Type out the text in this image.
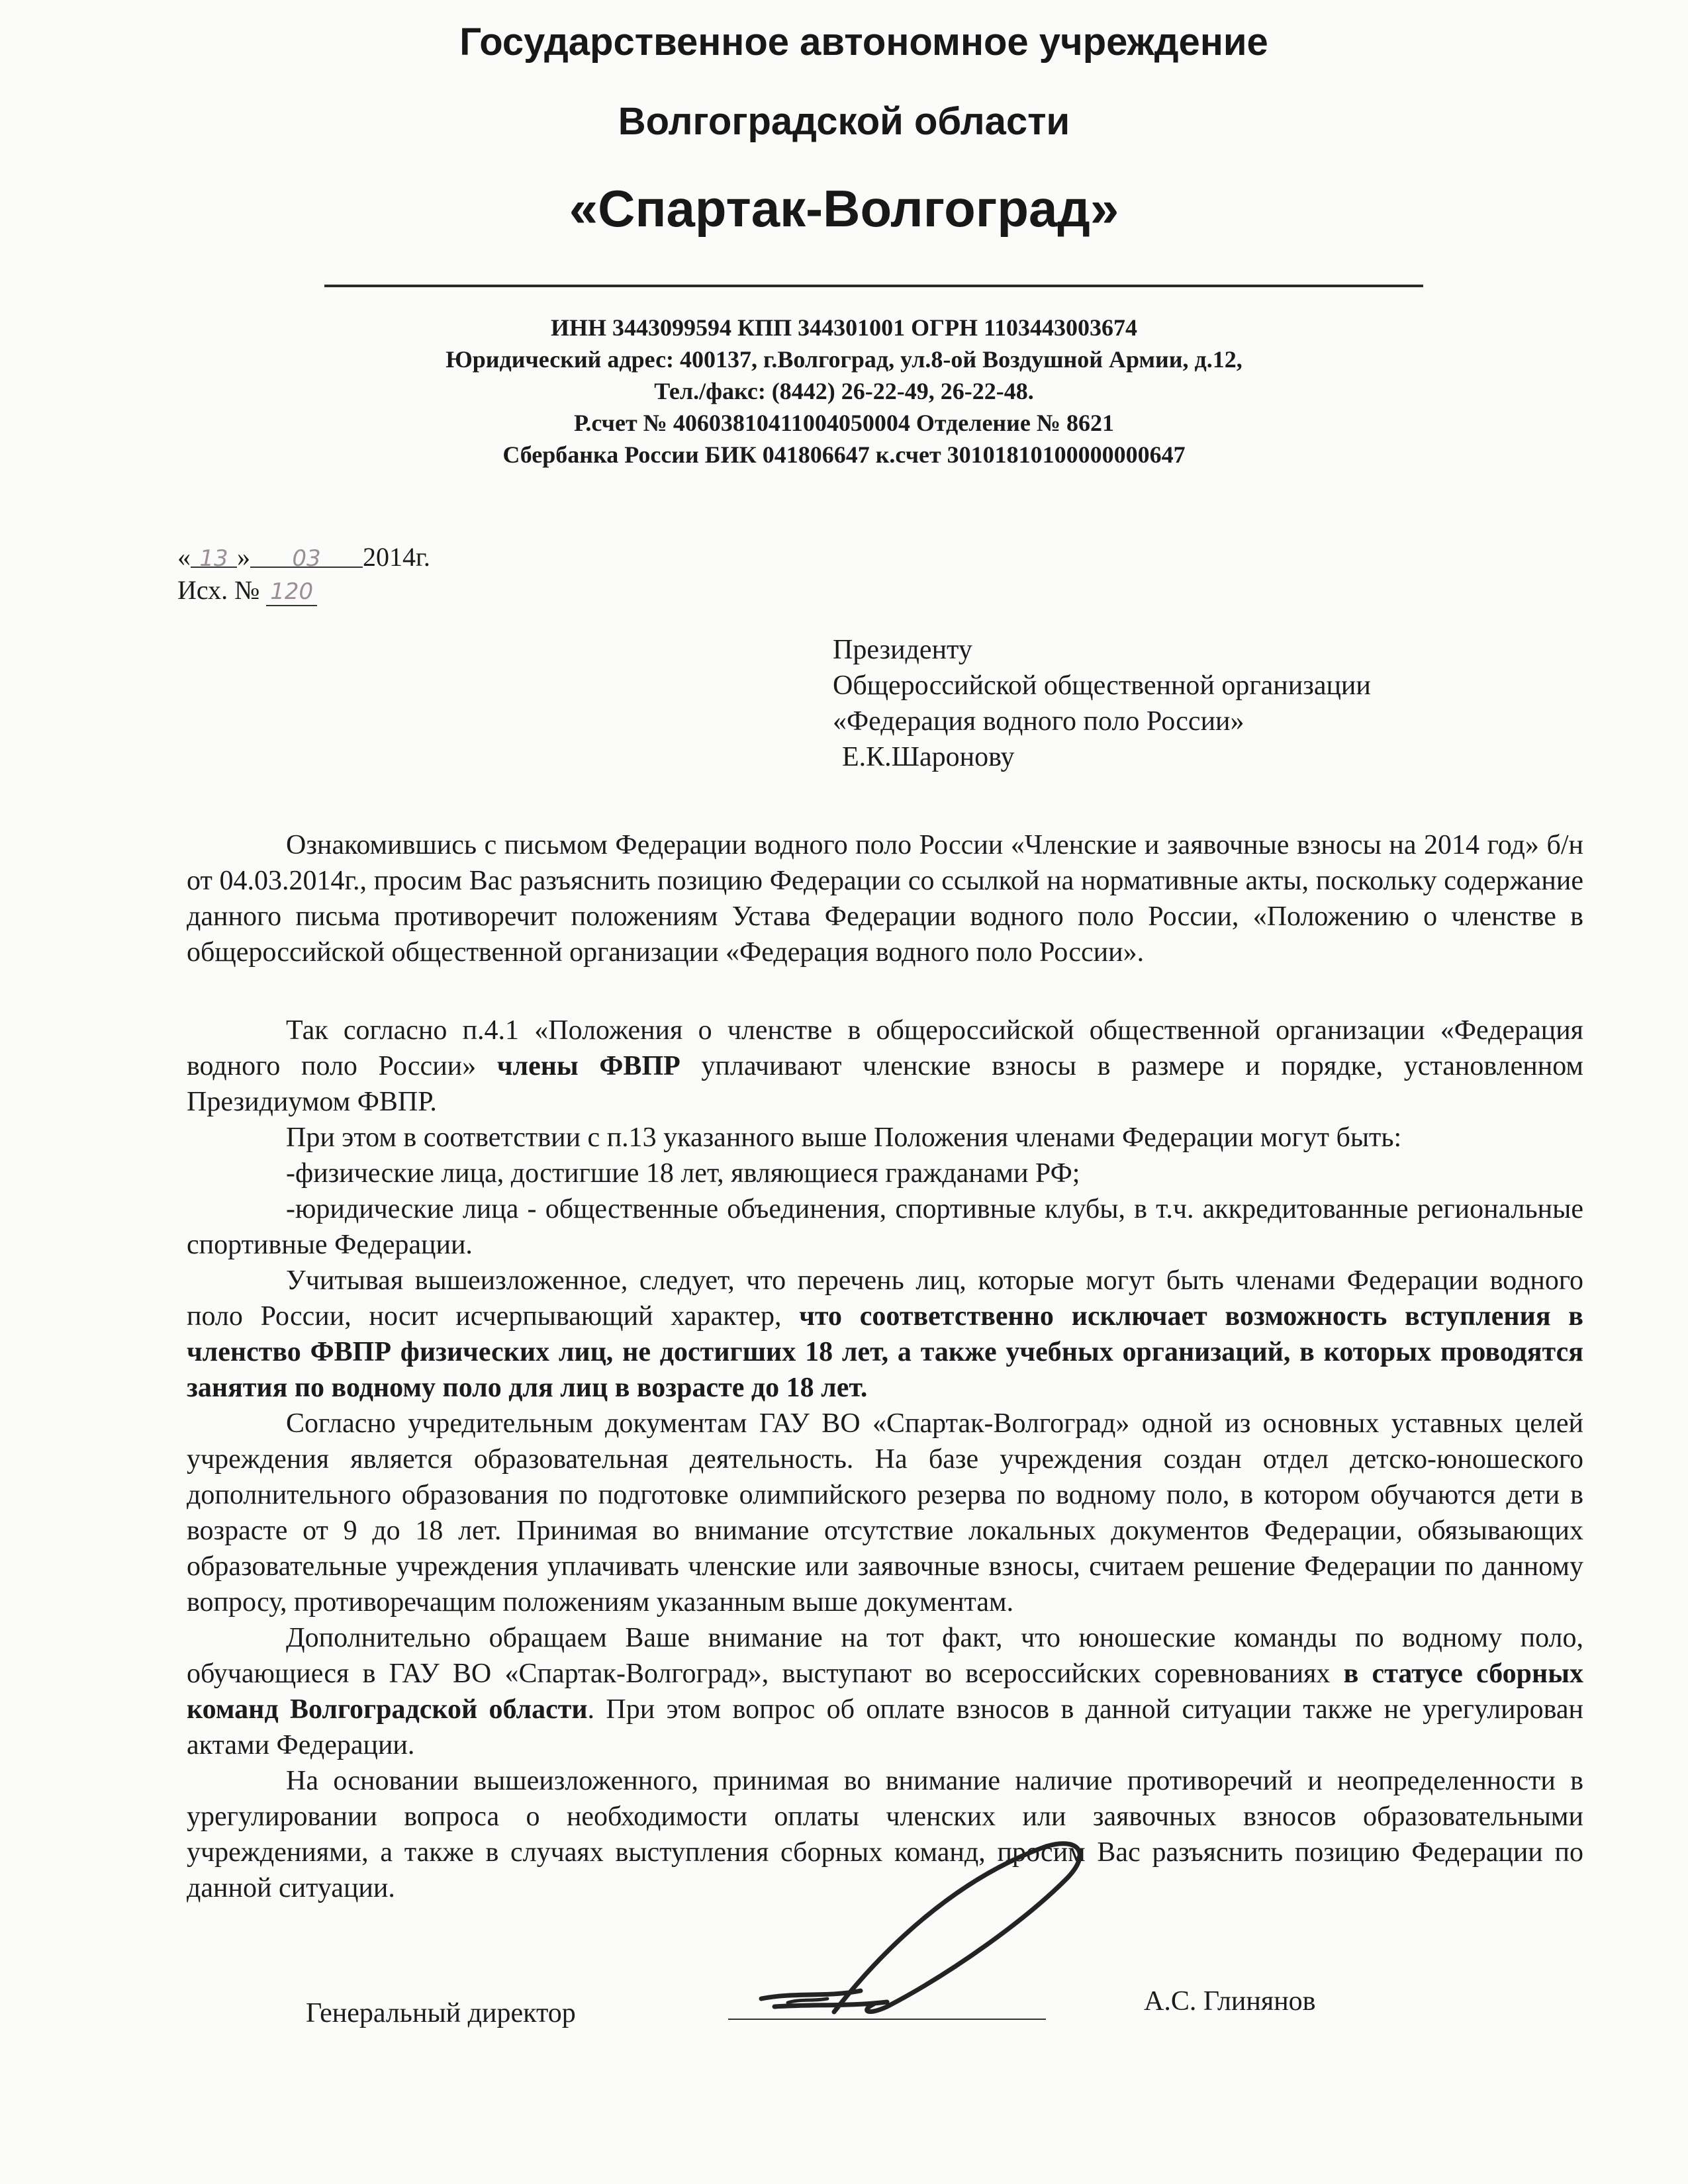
Государственное автономное учреждение
Волгоградской области
«Спартак-Волгоград»
ИНН 3443099594 КПП 344301001 ОГРН 1103443003674
Юридический адрес: 400137, г.Волгоград, ул.8-ой Воздушной Армии, д.12,
Тел./факс: (8442) 26-22-49, 26-22-48.
Р.счет № 40603810411004050004 Отделение № 8621
Сбербанка России БИК 041806647 к.счет 30101810100000000647
« 13 » 03 2014г.
Исх. № 120
Президенту
Общероссийской общественной организации
«Федерация водного поло России»
Е.К.Шаронову

Ознакомившись с письмом Федерации водного поло России «Членские и заявочные взносы на 2014 год» б/н от 04.03.2014г., просим Вас разъяснить позицию Федерации со ссылкой на нормативные акты, поскольку содержание данного письма противоречит положениям Устава Федерации водного поло России, «Положению о членстве в общероссийской общественной организации «Федерация водного поло России».

Так согласно п.4.1 «Положения о членстве в общероссийской общественной организации «Федерация водного поло России» члены ФВПР уплачивают членские взносы в размере и порядке, установленном Президиумом ФВПР.

При этом в соответствии с п.13 указанного выше Положения членами Федерации могут быть:

-физические лица, достигшие 18 лет, являющиеся гражданами РФ;

-юридические лица - общественные объединения, спортивные клубы, в т.ч. аккредитованные региональные спортивные Федерации.

Учитывая вышеизложенное, следует, что перечень лиц, которые могут быть членами Федерации водного поло России, носит исчерпывающий характер, что соответственно исключает возможность вступления в членство ФВПР физических лиц, не достигших 18 лет, а также учебных организаций, в которых проводятся занятия по водному поло для лиц в возрасте до 18 лет.

Согласно учредительным документам ГАУ ВО «Спартак-Волгоград» одной из основных уставных целей учреждения является образовательная деятельность. На базе учреждения создан отдел детско-юношеского дополнительного образования по подготовке олимпийского резерва по водному поло, в котором обучаются дети в возрасте от 9 до 18 лет. Принимая во внимание отсутствие локальных документов Федерации, обязывающих образовательные учреждения уплачивать членские или заявочные взносы, считаем решение Федерации по данному вопросу, противоречащим положениям указанным выше документам.

Дополнительно обращаем Ваше внимание на тот факт, что юношеские команды по водному поло, обучающиеся в ГАУ ВО «Спартак-Волгоград», выступают во всероссийских соревнованиях в статусе сборных команд Волгоградской области. При этом вопрос об оплате взносов в данной ситуации также не урегулирован актами Федерации.

На основании вышеизложенного, принимая во внимание наличие противоречий и неопределенности в урегулировании вопроса о необходимости оплаты членских или заявочных взносов образовательными учреждениями, а также в случаях выступления сборных команд, просим Вас разъяснить позицию Федерации по данной ситуации.

Генеральный директор	А.С. Глинянов
